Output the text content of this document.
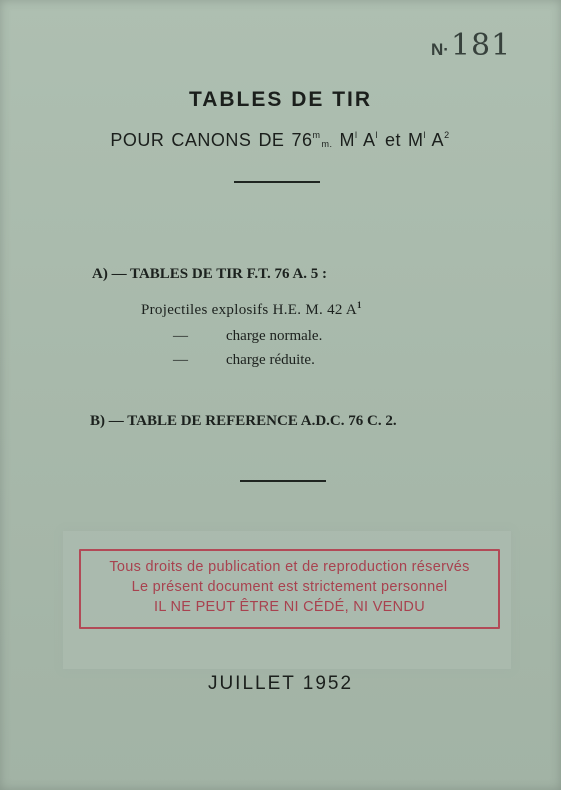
N·181
TABLES DE TIR
POUR CANONS DE 76$^m$m. $M^l$ $A^l$ et $M^l$ $A^2$
A) — TABLES DE TIR F.T. 76 A. 5 :
Projectiles explosifs H.E. M. 42 $A^1$
—	charge normale.
—	charge réduite.
B) — TABLE DE REFERENCE A.D.C. 76 C. 2.
Tous droits de publication et de reproduction réservés
Le présent document est strictement personnel
IL NE PEUT ÊTRE NI CÉDÉ, NI VENDU
JUILLET 1952
